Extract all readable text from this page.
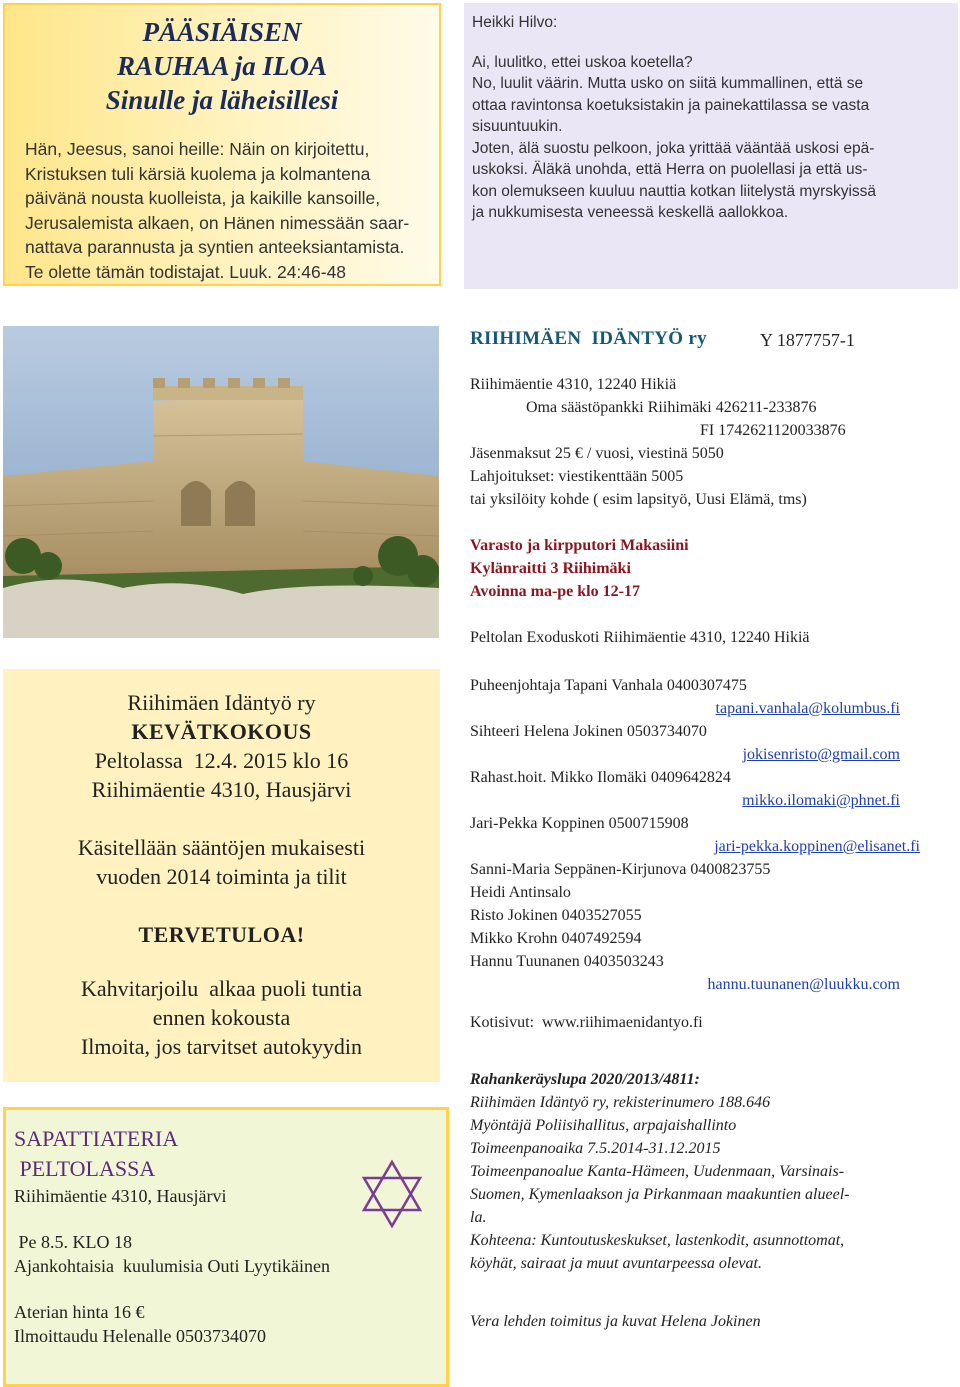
PÄÄSIÄISEN
RAUHAA ja ILOA
Sinulle ja läheisillesi
Hän, Jeesus, sanoi heille: Näin on kirjoitettu,
Kristuksen tuli kärsiä kuolema ja kolmantena
päivänä nousta kuolleista, ja kaikille kansoille,
Jerusalemista alkaen, on Hänen nimessään saar-
nattava parannusta ja syntien anteeksiantamista.
Te olette tämän todistajat. Luuk. 24:46-48
Heikki Hilvo:

Ai, luulitko, ettei uskoa koetella?

No, luulit väärin. Mutta usko on siitä kummallinen, että se

ottaa ravintonsa koetuksistakin ja painekattilassa se vasta

sisuuntuukin.

Joten, älä suostu pelkoon, joka yrittää vääntää uskosi epä-

uskoksi. Äläkä unohda, että Herra on puolellasi ja että us-

kon olemukseen kuuluu nauttia kotkan liitelystä myrskyissä

ja nukkumisesta veneessä keskellä aallokkoa.

RIIHIMÄEN  IDÄNTYÖ ry	Y 1877757-1
Riihimäentie 4310, 12240 Hikiä
Oma säästöpankki Riihimäki 426211-233876
FI 1742621120033876
Jäsenmaksut 25 € / vuosi, viestinä 5050
Lahjoitukset: viestikenttään 5005
tai yksilöity kohde ( esim lapsityö, Uusi Elämä, tms)
Varasto ja kirpputori Makasiini
Kylänraitti 3 Riihimäki
Avoinna ma-pe klo 12-17
Peltolan Exoduskoti Riihimäentie 4310, 12240 Hikiä
Riihimäen Idäntyö ry
KEVÄTKOKOUS
Peltolassa  12.4. 2015 klo 16
Riihimäentie 4310, Hausjärvi
Käsitellään sääntöjen mukaisesti
vuoden 2014 toiminta ja tilit
TERVETULOA!
Kahvitarjoilu  alkaa puoli tuntia
ennen kokousta
Ilmoita, jos tarvitset autokyydin
SAPATTIATERIA
PELTOLASSA
Riihimäentie 4310, Hausjärvi
Pe 8.5. KLO 18
Ajankohtaisia  kuulumisia Outi Lyytikäinen
Aterian hinta 16 €
Ilmoittaudu Helenalle 0503734070
Puheenjohtaja Tapani Vanhala 0400307475
tapani.vanhala@kolumbus.fi
Sihteeri Helena Jokinen 0503734070
jokisenristo@gmail.com
Rahast.hoit. Mikko Ilomäki 0409642824
mikko.ilomaki@phnet.fi
Jari-Pekka Koppinen 0500715908
jari-pekka.koppinen@elisanet.fi
Sanni-Maria Seppänen-Kirjunova 0400823755
Heidi Antinsalo
Risto Jokinen 0403527055
Mikko Krohn 0407492594
Hannu Tuunanen 0403503243
hannu.tuunanen@luukku.com
Kotisivut:  www.riihimaenidantyo.fi
Rahankeräyslupa 2020/2013/4811:
Riihimäen Idäntyö ry, rekisterinumero 188.646
Myöntäjä Poliisihallitus, arpajaishallinto
Toimeenpanoaika 7.5.2014-31.12.2015
Toimeenpanoalue Kanta-Hämeen, Uudenmaan, Varsinais-
Suomen, Kymenlaakson ja Pirkanmaan maakuntien alueel-
la.
Kohteena: Kuntoutuskeskukset, lastenkodit, asunnottomat,
köyhät, sairaat ja muut avuntarpeessa olevat.
Vera lehden toimitus ja kuvat Helena Jokinen
